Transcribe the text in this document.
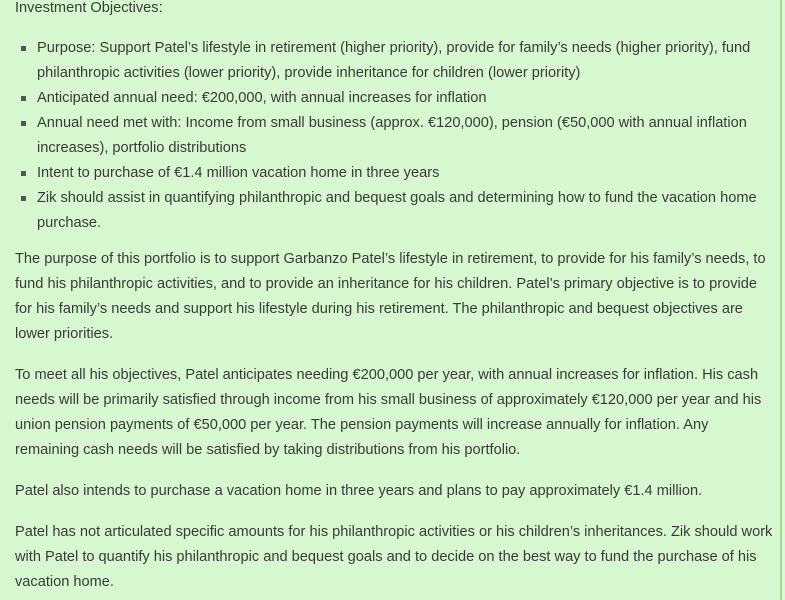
Investment Objectives:
Purpose: Support Patel’s lifestyle in retirement (higher priority), provide for family’s needs (higher priority), fund philanthropic activities (lower priority), provide inheritance for children (lower priority)
Anticipated annual need: €200,000, with annual increases for inflation
Annual need met with: Income from small business (approx. €120,000), pension (€50,000 with annual inflation increases), portfolio distributions
Intent to purchase of €1.4 million vacation home in three years
Zik should assist in quantifying philanthropic and bequest goals and determining how to fund the vacation home purchase.

The purpose of this portfolio is to support Garbanzo Patel’s lifestyle in retirement, to provide for his family’s needs, to fund his philanthropic activities, and to provide an inheritance for his children. Patel’s primary objective is to provide for his family’s needs and support his lifestyle during his retirement. The philanthropic and bequest objectives are lower priorities.

To meet all his objectives, Patel anticipates needing €200,000 per year, with annual increases for inflation. His cash needs will be primarily satisfied through income from his small business of approximately €120,000 per year and his union pension payments of €50,000 per year. The pension payments will increase annually for inflation. Any remaining cash needs will be satisfied by taking distributions from his portfolio.

Patel also intends to purchase a vacation home in three years and plans to pay approximately €1.4 million.

Patel has not articulated specific amounts for his philanthropic activities or his children’s inheritances. Zik should work with Patel to quantify his philanthropic and bequest goals and to decide on the best way to fund the purchase of his vacation home.
